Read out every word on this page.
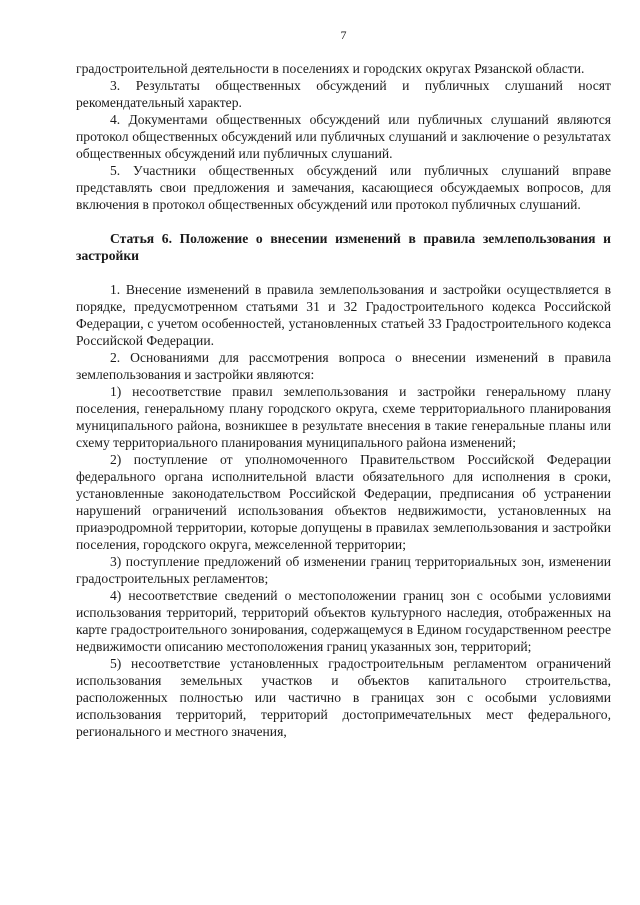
7

градостроительной деятельности в поселениях и городских округах Рязанской области.

3. Результаты общественных обсуждений и публичных слушаний носят рекомендательный характер.

4. Документами общественных обсуждений или публичных слушаний являются протокол общественных обсуждений или публичных слушаний и заключение о результатах общественных обсуждений или публичных слушаний.

5. Участники общественных обсуждений или публичных слушаний вправе представлять свои предложения и замечания, касающиеся обсуждаемых вопросов, для включения в протокол общественных обсуждений или протокол публичных слушаний.

Статья 6. Положение о внесении изменений в правила землепользования и застройки

1. Внесение изменений в правила землепользования и застройки осуществляется в порядке, предусмотренном статьями 31 и 32 Градостроительного кодекса Российской Федерации, с учетом особенностей, установленных статьей 33 Градостроительного кодекса Российской Федерации.

2. Основаниями для рассмотрения вопроса о внесении изменений в правила землепользования и застройки являются:

1) несоответствие правил землепользования и застройки генеральному плану поселения, генеральному плану городского округа, схеме территориального планирования муниципального района, возникшее в результате внесения в такие генеральные планы или схему территориального планирования муниципального района изменений;

2) поступление от уполномоченного Правительством Российской Федерации федерального органа исполнительной власти обязательного для исполнения в сроки, установленные законодательством Российской Федерации, предписания об устранении нарушений ограничений использования объектов недвижимости, установленных на приаэродромной территории, которые допущены в правилах землепользования и застройки поселения, городского округа, межселенной территории;

3) поступление предложений об изменении границ территориальных зон, изменении градостроительных регламентов;

4) несоответствие сведений о местоположении границ зон с особыми условиями использования территорий, территорий объектов культурного наследия, отображенных на карте градостроительного зонирования, содержащемуся в Едином государственном реестре недвижимости описанию местоположения границ указанных зон, территорий;

5) несоответствие установленных градостроительным регламентом ограничений использования земельных участков и объектов капитального строительства, расположенных полностью или частично в границах зон с особыми условиями использования территорий, территорий достопримечательных мест федерального, регионального и местного значения,
